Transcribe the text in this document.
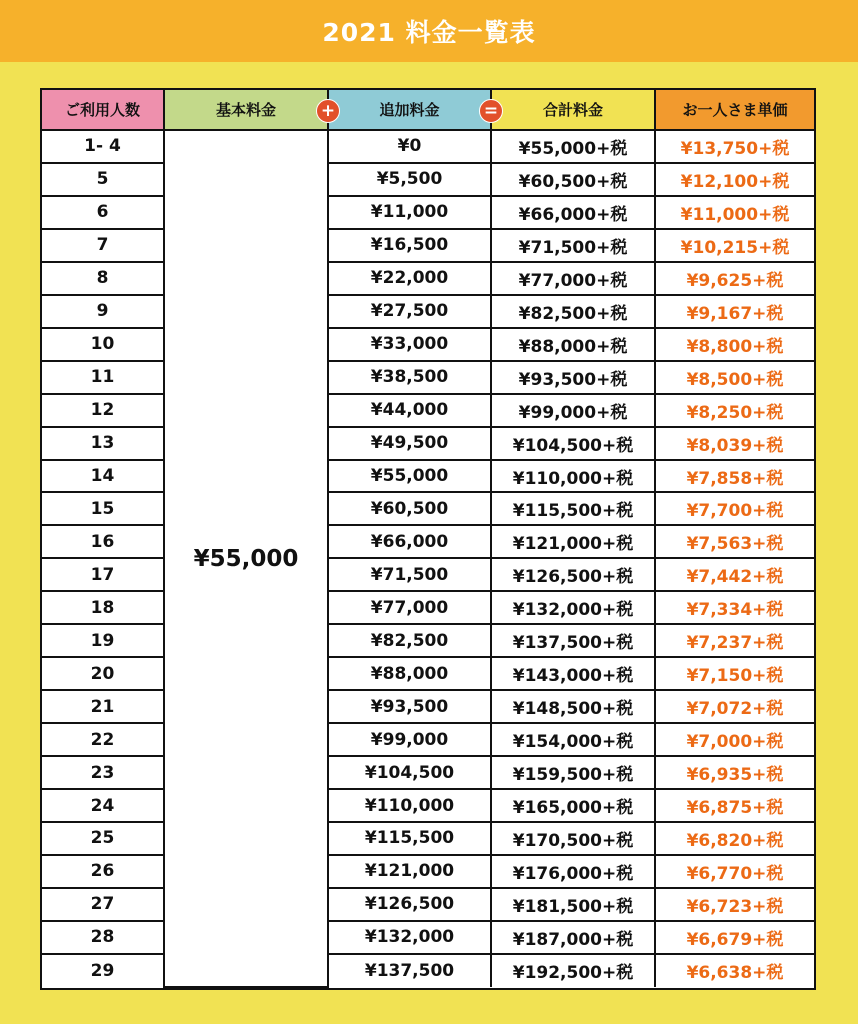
2021 料金一覧表
ご利用人数	基本料金 +	追加料金 =	合計料金	お一人さま単価
1- 4	¥55,000	¥0	¥55,000+税	¥13,750+税
5		¥5,500	¥60,500+税	¥12,100+税
6		¥11,000	¥66,000+税	¥11,000+税
7		¥16,500	¥71,500+税	¥10,215+税
8		¥22,000	¥77,000+税	¥9,625+税
9		¥27,500	¥82,500+税	¥9,167+税
10		¥33,000	¥88,000+税	¥8,800+税
11		¥38,500	¥93,500+税	¥8,500+税
12		¥44,000	¥99,000+税	¥8,250+税
13		¥49,500	¥104,500+税	¥8,039+税
14		¥55,000	¥110,000+税	¥7,858+税
15		¥60,500	¥115,500+税	¥7,700+税
16		¥66,000	¥121,000+税	¥7,563+税
17		¥71,500	¥126,500+税	¥7,442+税
18		¥77,000	¥132,000+税	¥7,334+税
19		¥82,500	¥137,500+税	¥7,237+税
20		¥88,000	¥143,000+税	¥7,150+税
21		¥93,500	¥148,500+税	¥7,072+税
22		¥99,000	¥154,000+税	¥7,000+税
23		¥104,500	¥159,500+税	¥6,935+税
24		¥110,000	¥165,000+税	¥6,875+税
25		¥115,500	¥170,500+税	¥6,820+税
26		¥121,000	¥176,000+税	¥6,770+税
27		¥126,500	¥181,500+税	¥6,723+税
28		¥132,000	¥187,000+税	¥6,679+税
29		¥137,500	¥192,500+税	¥6,638+税
